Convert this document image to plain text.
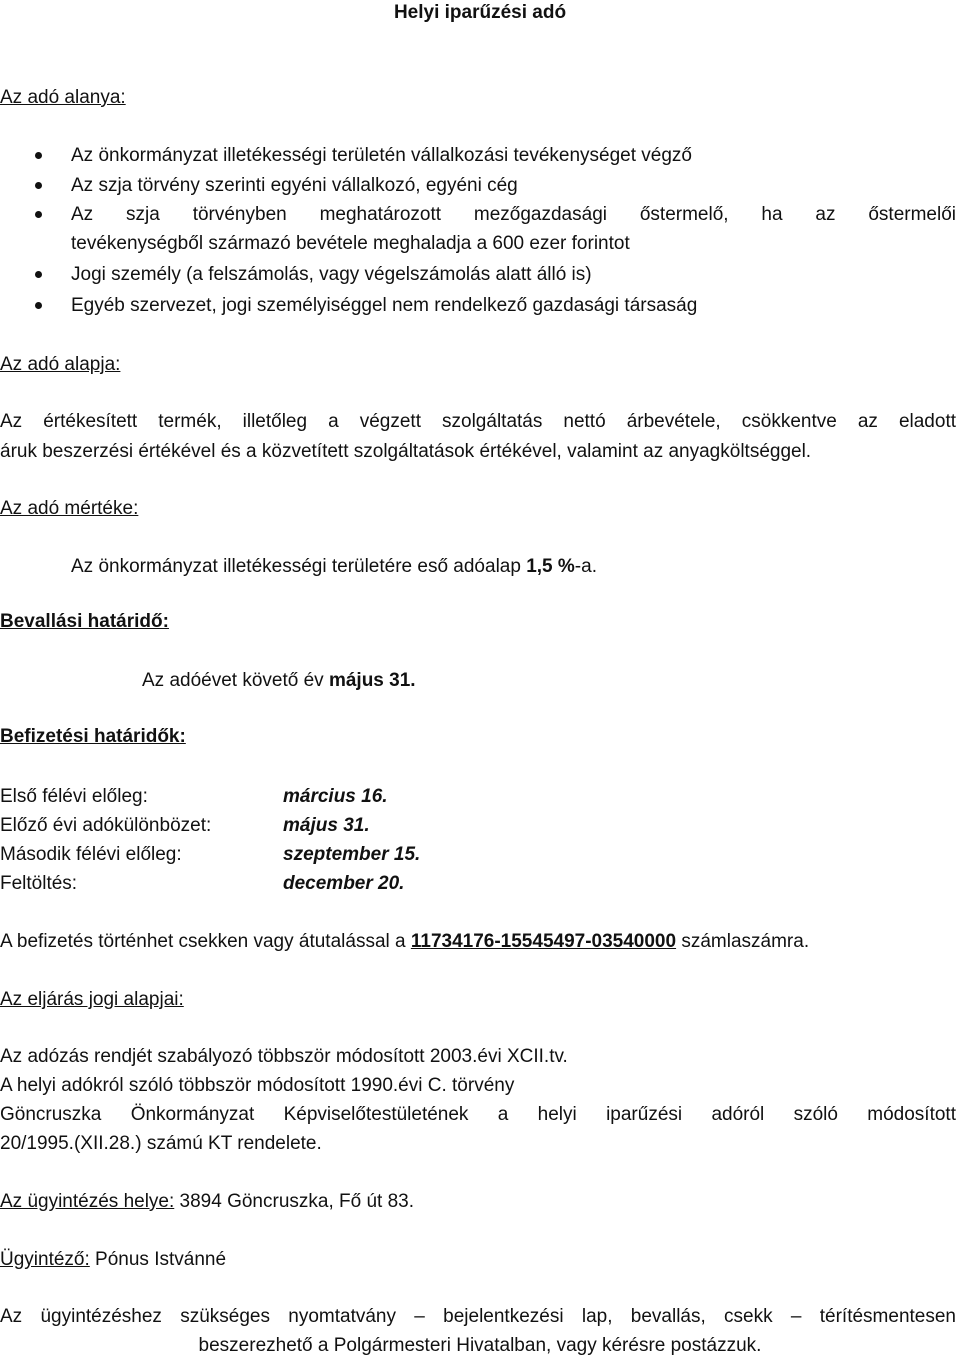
Helyi iparűzési adó
Az adó alanya:
Az önkormányzat illetékességi területén vállalkozási tevékenységet végző
Az szja törvény szerinti egyéni vállalkozó, egyéni cég
Az szja törvényben meghatározott mezőgazdasági őstermelő, ha az őstermelői
tevékenységből származó bevétele meghaladja a 600 ezer forintot
Jogi személy (a felszámolás, vagy végelszámolás alatt álló is)
Egyéb szervezet, jogi személyiséggel nem rendelkező gazdasági társaság
Az adó alapja:
Az értékesített termék, illetőleg a végzett szolgáltatás nettó árbevétele, csökkentve az eladott
áruk beszerzési értékével és a közvetített szolgáltatások értékével, valamint az anyagköltséggel.
Az adó mértéke:
Az önkormányzat illetékességi területére eső adóalap 1,5 %-a.
Bevallási határidő:
Az adóévet követő év május 31.
Befizetési határidők:
Első félévi előleg:	március 16.
Előző évi adókülönbözet:	május 31.
Második félévi előleg:	szeptember 15.
Feltöltés:	december 20.
A befizetés történhet csekken vagy átutalással a 11734176-15545497-03540000 számlaszámra.
Az eljárás jogi alapjai:
Az adózás rendjét szabályozó többször módosított 2003.évi XCII.tv.
A helyi adókról szóló többször módosított 1990.évi C. törvény
Göncruszka Önkormányzat Képviselőtestületének a helyi iparűzési adóról szóló módosított
20/1995.(XII.28.) számú KT rendelete.
Az ügyintézés helye: 3894 Göncruszka, Fő út 83.
Ügyintéző: Pónus Istvánné
Az ügyintézéshez szükséges nyomtatvány – bejelentkezési lap, bevallás, csekk – térítésmentesen
beszerezhető a Polgármesteri Hivatalban, vagy kérésre postázzuk.
